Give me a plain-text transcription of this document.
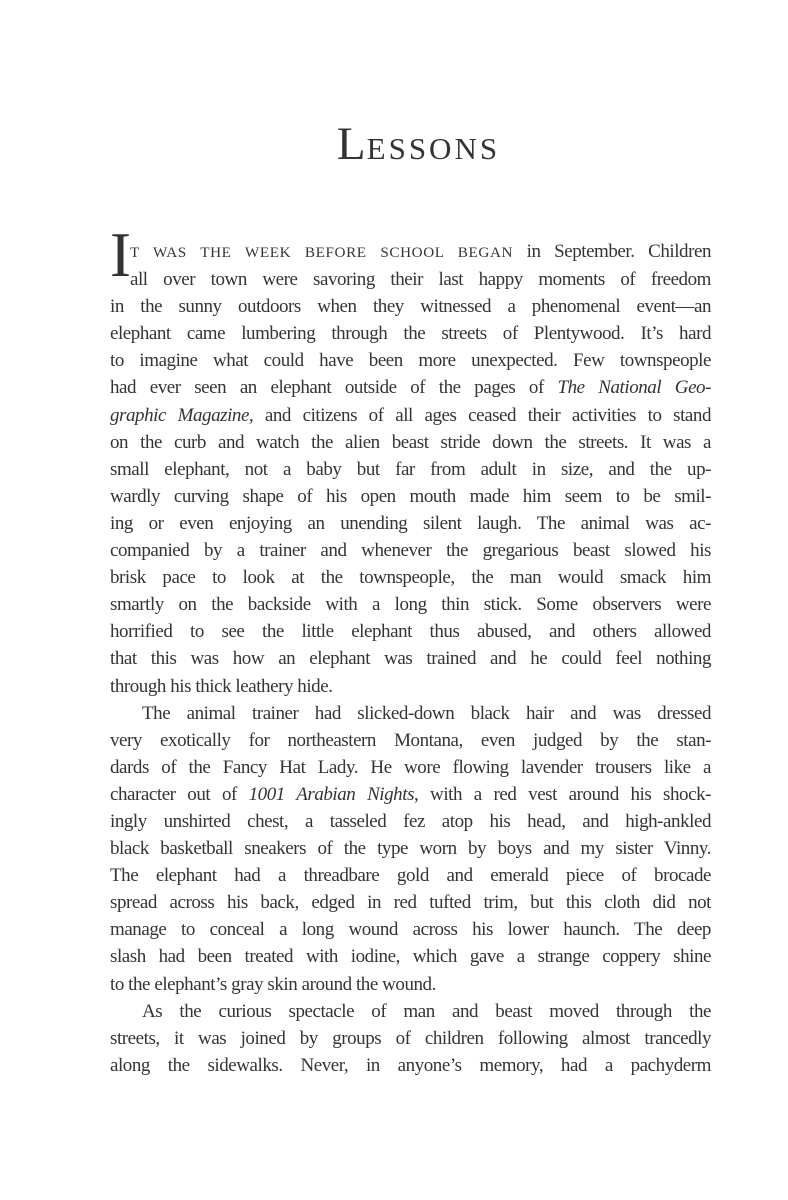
LESSONS
I T WAS THE WEEK BEFORE SCHOOL BEGAN in September. Children
all over town were savoring their last happy moments of freedom
in the sunny outdoors when they witnessed a phenomenal event—an
elephant came lumbering through the streets of Plentywood. It’s hard
to imagine what could have been more unexpected. Few townspeople
had ever seen an elephant outside of the pages of The National Geo-
graphic Magazine, and citizens of all ages ceased their activities to stand
on the curb and watch the alien beast stride down the streets. It was a
small elephant, not a baby but far from adult in size, and the up-
wardly curving shape of his open mouth made him seem to be smil-
ing or even enjoying an unending silent laugh. The animal was ac-
companied by a trainer and whenever the gregarious beast slowed his
brisk pace to look at the townspeople, the man would smack him
smartly on the backside with a long thin stick. Some observers were
horrified to see the little elephant thus abused, and others allowed
that this was how an elephant was trained and he could feel nothing
through his thick leathery hide.
The animal trainer had slicked-down black hair and was dressed
very exotically for northeastern Montana, even judged by the stan-
dards of the Fancy Hat Lady. He wore flowing lavender trousers like a
character out of 1001 Arabian Nights, with a red vest around his shock-
ingly unshirted chest, a tasseled fez atop his head, and high-ankled
black basketball sneakers of the type worn by boys and my sister Vinny.
The elephant had a threadbare gold and emerald piece of brocade
spread across his back, edged in red tufted trim, but this cloth did not
manage to conceal a long wound across his lower haunch. The deep
slash had been treated with iodine, which gave a strange coppery shine
to the elephant’s gray skin around the wound.
As the curious spectacle of man and beast moved through the
streets, it was joined by groups of children following almost trancedly
along the sidewalks. Never, in anyone’s memory, had a pachyderm
